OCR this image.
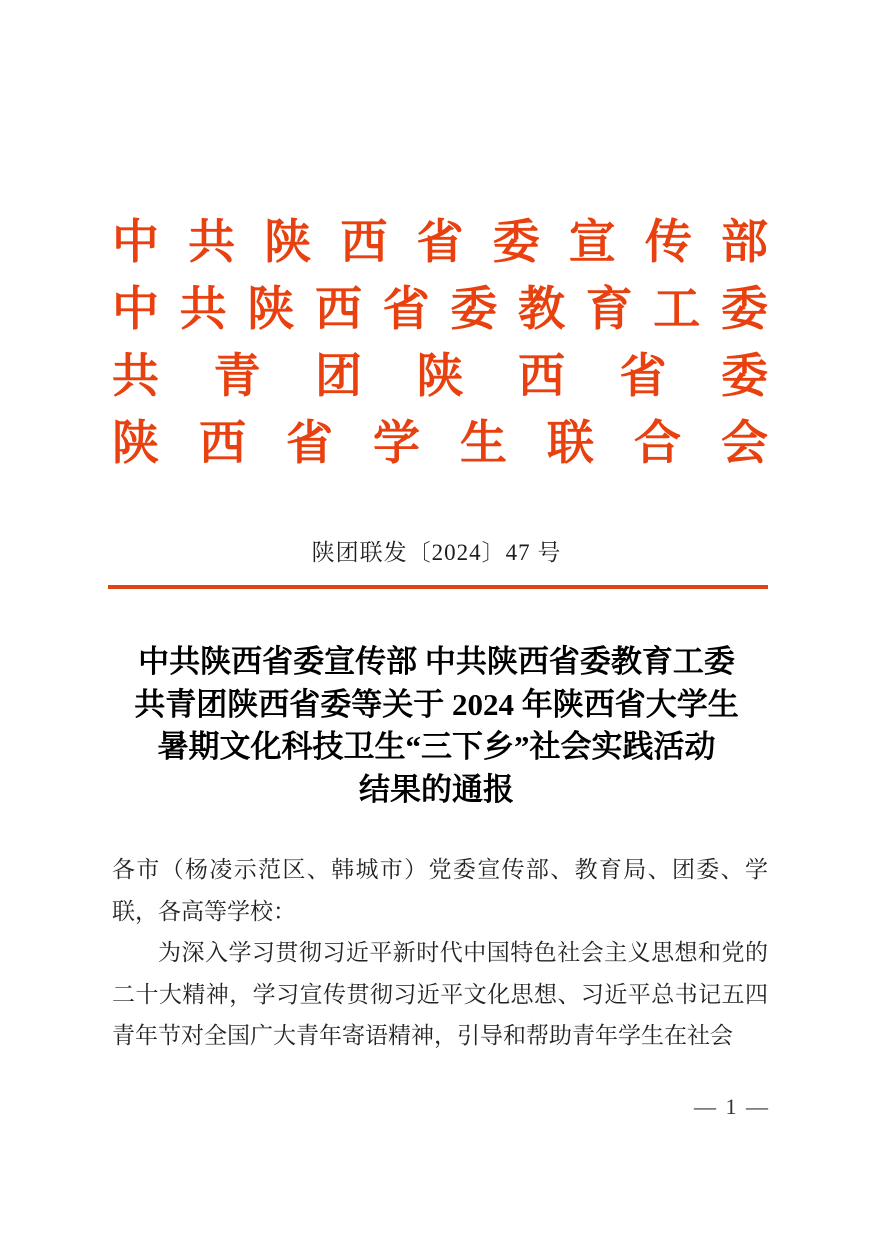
中 共 陕 西 省 委 宣 传 部
中 共 陕 西 省 委 教 育 工 委
共 青 团 陕 西 省 委
陕 西 省 学 生 联 合 会
陕团联发〔2024〕47 号
中共陕西省委宣传部 中共陕西省委教育工委
共青团陕西省委等关于 2024 年陕西省大学生
暑期文化科技卫生“三下乡”社会实践活动
结果的通报

各市（杨凌示范区、韩城市）党委宣传部、教育局、团委、学联，各高等学校：

为深入学习贯彻习近平新时代中国特色社会主义思想和党的二十大精神，学习宣传贯彻习近平文化思想、习近平总书记五四青年节对全国广大青年寄语精神，引导和帮助青年学生在社会

— 1 —
